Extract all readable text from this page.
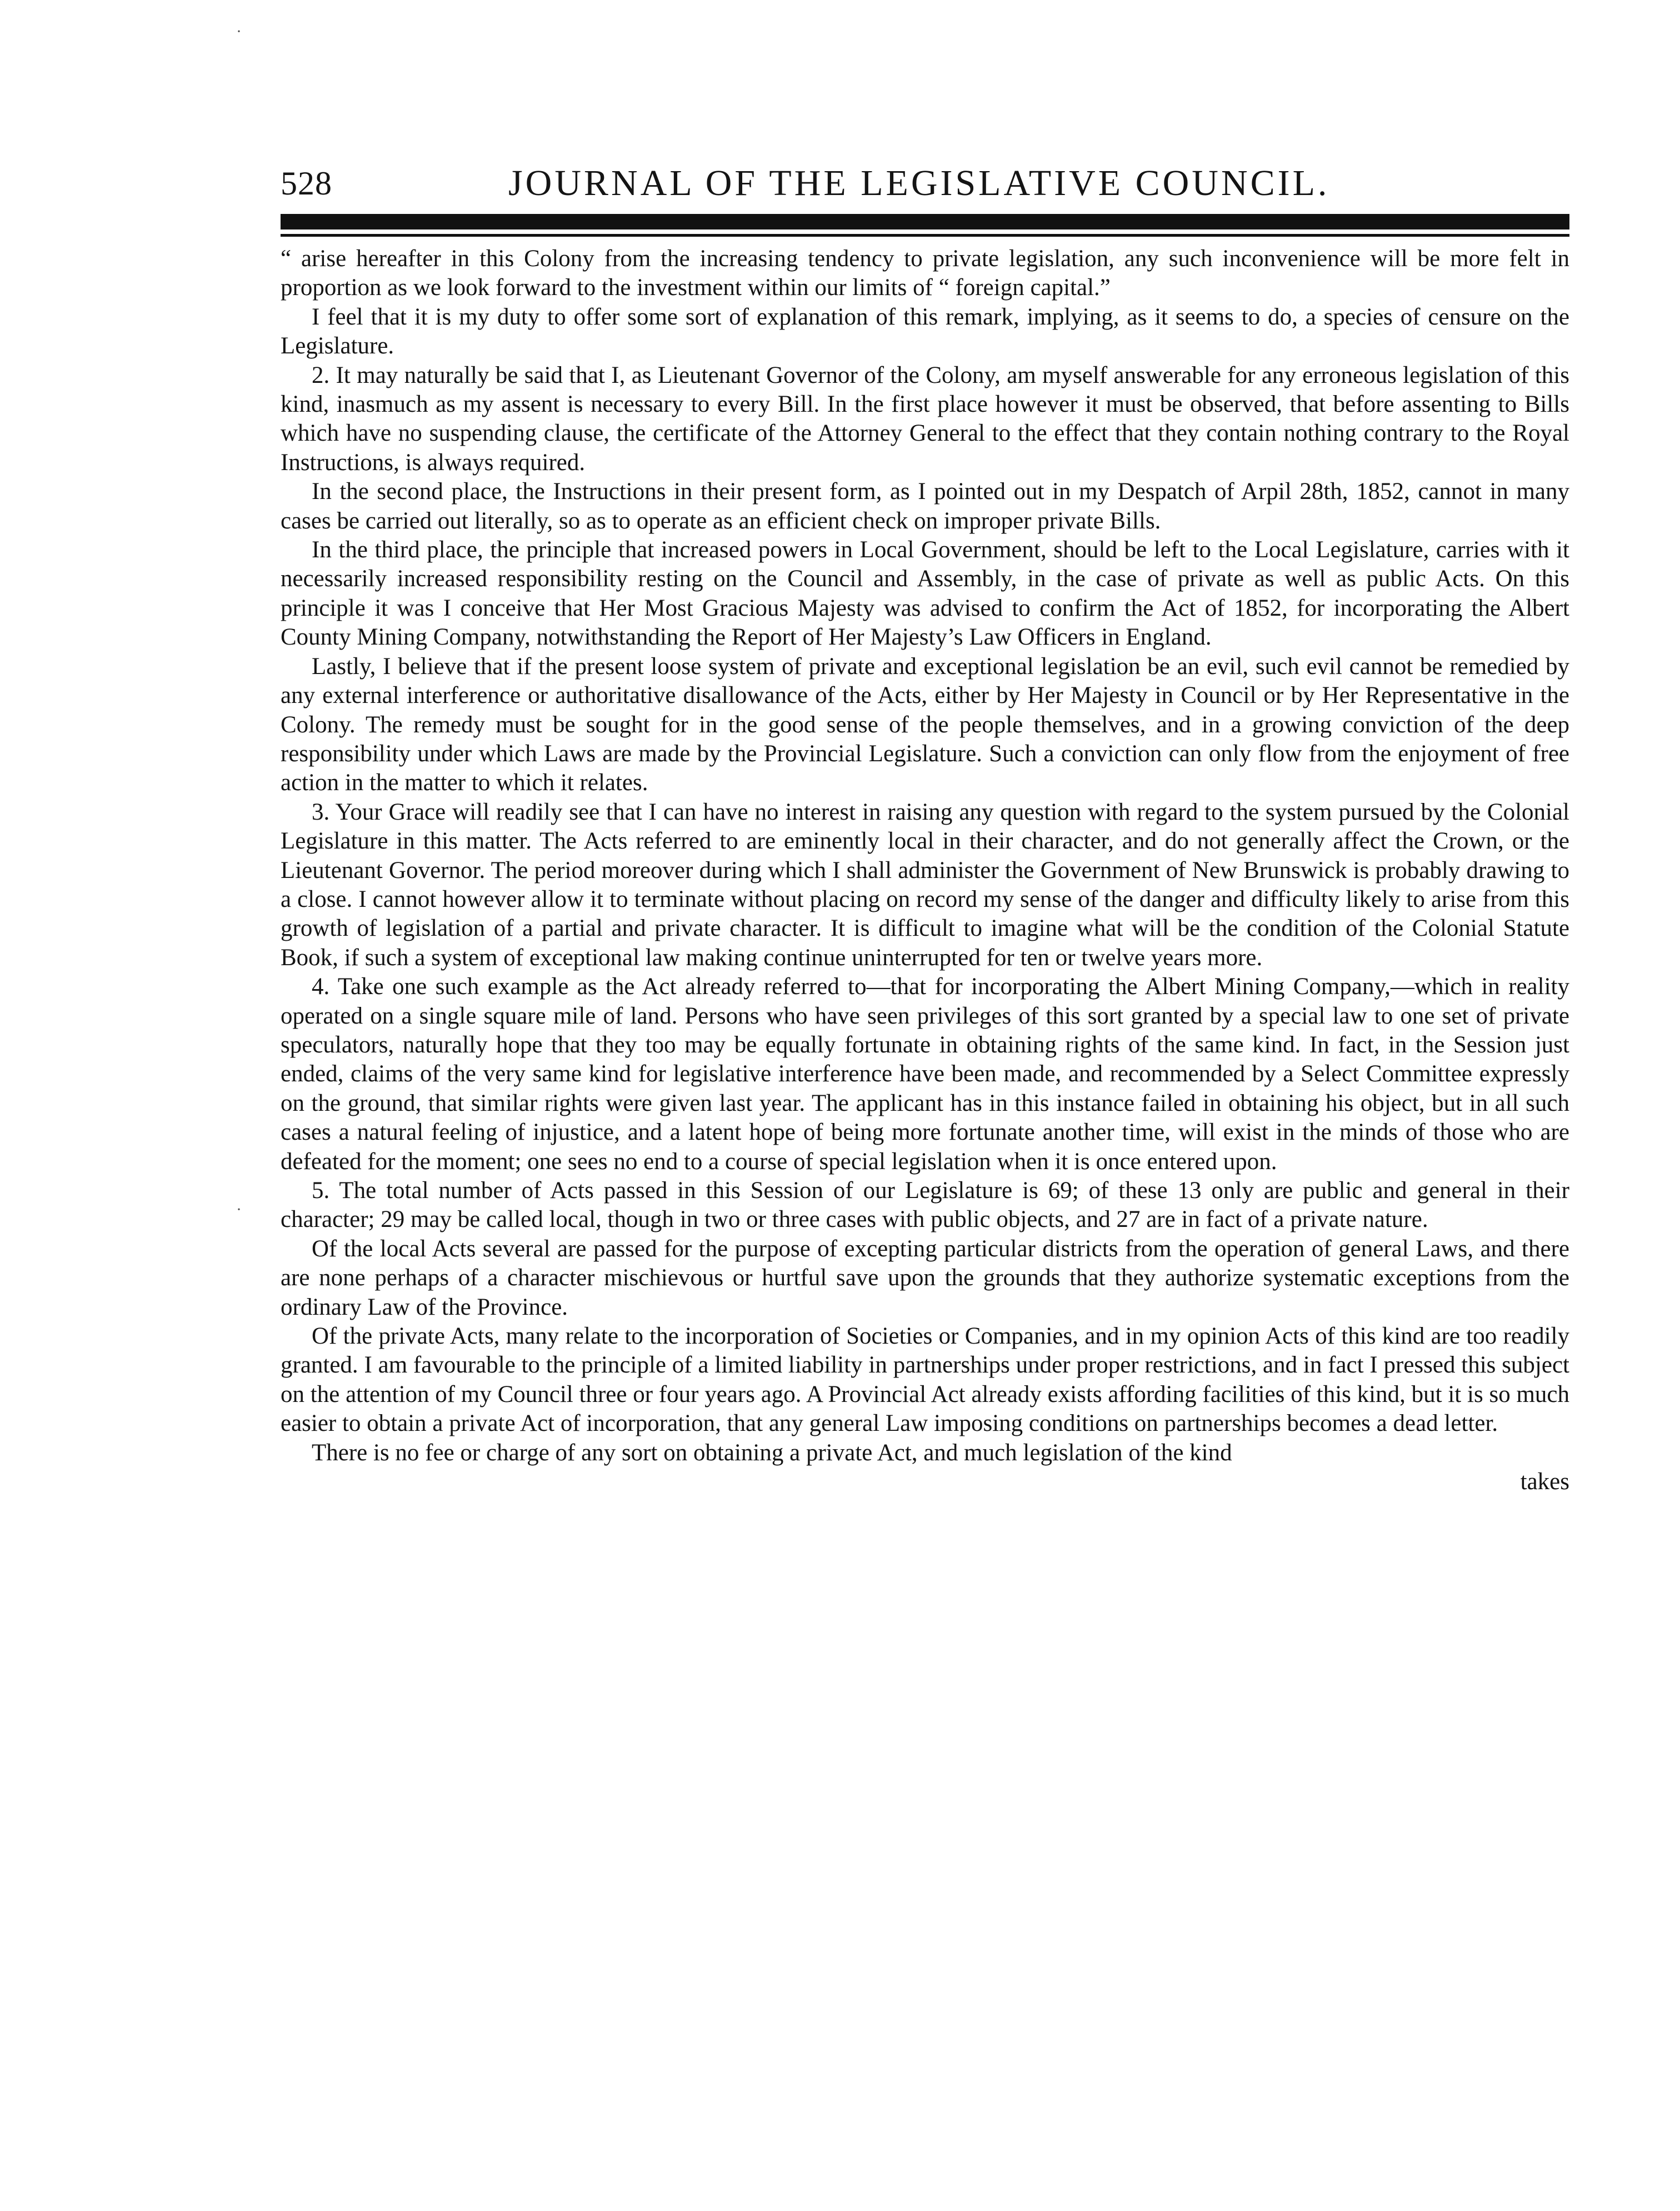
528	JOURNAL OF THE LEGISLATIVE COUNCIL.
·
·

“ arise hereafter in this Colony from the increasing tendency to private legislation, any such inconvenience will be more felt in proportion as we look forward to the investment within our limits of “ foreign capital.”

I feel that it is my duty to offer some sort of explanation of this remark, implying, as it seems to do, a species of censure on the Legislature.

2. It may naturally be said that I, as Lieutenant Governor of the Colony, am myself answerable for any erroneous legislation of this kind, inasmuch as my assent is necessary to every Bill. In the first place however it must be observed, that before assenting to Bills which have no suspending clause, the certificate of the Attorney General to the effect that they contain nothing contrary to the Royal Instructions, is always required.

In the second place, the Instructions in their present form, as I pointed out in my Despatch of Arpil 28th, 1852, cannot in many cases be carried out literally, so as to operate as an efficient check on improper private Bills.

In the third place, the principle that increased powers in Local Government, should be left to the Local Legislature, carries with it necessarily increased responsibility resting on the Council and Assembly, in the case of private as well as public Acts. On this principle it was I conceive that Her Most Gracious Majesty was advised to confirm the Act of 1852, for incorporating the Albert County Mining Company, notwithstanding the Report of Her Majesty’s Law Officers in England.

Lastly, I believe that if the present loose system of private and exceptional legislation be an evil, such evil cannot be remedied by any external interference or authoritative disallowance of the Acts, either by Her Majesty in Council or by Her Representative in the Colony. The remedy must be sought for in the good sense of the people themselves, and in a growing conviction of the deep responsibility under which Laws are made by the Provincial Legislature. Such a conviction can only flow from the enjoyment of free action in the matter to which it relates.

3. Your Grace will readily see that I can have no interest in raising any question with regard to the system pursued by the Colonial Legislature in this matter. The Acts referred to are eminently local in their character, and do not generally affect the Crown, or the Lieutenant Governor. The period moreover during which I shall administer the Government of New Brunswick is probably drawing to a close. I cannot however allow it to terminate without placing on record my sense of the danger and difficulty likely to arise from this growth of legislation of a partial and private character. It is difficult to imagine what will be the condition of the Colonial Statute Book, if such a system of exceptional law making continue uninterrupted for ten or twelve years more.

4. Take one such example as the Act already referred to—that for incorporating the Albert Mining Company,—which in reality operated on a single square mile of land. Persons who have seen privileges of this sort granted by a special law to one set of private speculators, naturally hope that they too may be equally fortunate in obtaining rights of the same kind. In fact, in the Session just ended, claims of the very same kind for legislative interference have been made, and recommended by a Select Committee expressly on the ground, that similar rights were given last year. The applicant has in this instance failed in obtaining his object, but in all such cases a natural feeling of injustice, and a latent hope of being more fortunate another time, will exist in the minds of those who are defeated for the moment; one sees no end to a course of special legislation when it is once entered upon.

5. The total number of Acts passed in this Session of our Legislature is 69; of these 13 only are public and general in their character; 29 may be called local, though in two or three cases with public objects, and 27 are in fact of a private nature.

Of the local Acts several are passed for the purpose of excepting particular districts from the operation of general Laws, and there are none perhaps of a character mischievous or hurtful save upon the grounds that they authorize systematic exceptions from the ordinary Law of the Province.

Of the private Acts, many relate to the incorporation of Societies or Companies, and in my opinion Acts of this kind are too readily granted. I am favourable to the principle of a limited liability in partnerships under proper restrictions, and in fact I pressed this subject on the attention of my Council three or four years ago. A Provincial Act already exists affording facilities of this kind, but it is so much easier to obtain a private Act of incorporation, that any general Law imposing conditions on partnerships becomes a dead letter.

There is no fee or charge of any sort on obtaining a private Act, and much legislation of the kind

takes
